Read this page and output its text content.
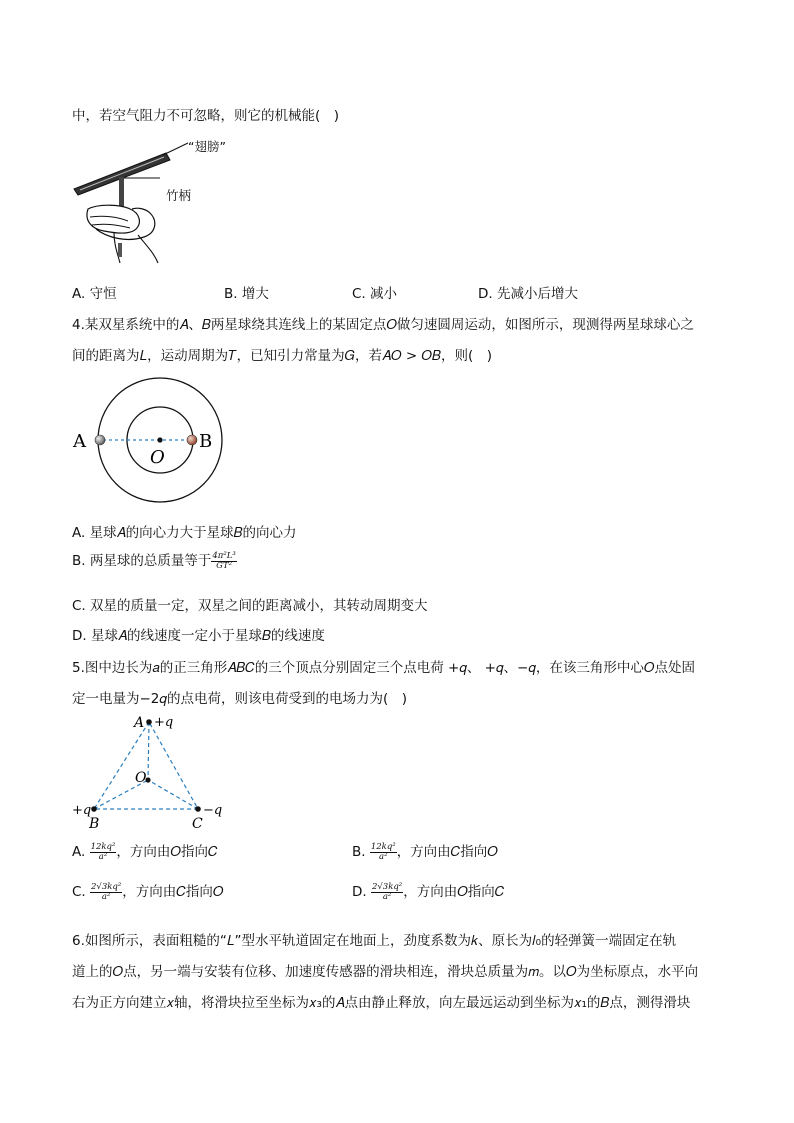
中，若空气阻力不可忽略，则它的机械能(　)
“翅膀”
竹柄
A. 守恒	B. 增大	C. 减小	D. 先减小后增大
4.某双星系统中的𝐴、𝐵两星球绕其连线上的某固定点𝑂做匀速圆周运动，如图所示，现测得两星球球心之
间的距离为𝐿，运动周期为𝑇，已知引力常量为𝐺，若𝐴𝑂 > 𝑂𝐵，则(　)
A	B
O
A. 星球𝐴的向心力大于星球𝐵的向心力
B. 两星球的总质量等于 $\frac{\text{4π²L³}}{\text{GT²}}$
C. 双星的质量一定，双星之间的距离减小，其转动周期变大
D. 星球𝐴的线速度一定小于星球𝐵的线速度
5.图中边长为𝑎的正三角形𝐴𝐵𝐶的三个顶点分别固定三个点电荷 +𝑞、 +𝑞、−𝑞，在该三角形中心𝑂点处固
定一电量为−2𝑞的点电荷，则该电荷受到的电场力为(　)
A +q
+q
B
−q
C
O
A. $\frac{\text{12kq²}}{\text{a²}}$ ，方向由𝑂指向𝐶	B. $\frac{\text{12kq²}}{\text{a²}}$ ，方向由𝐶指向𝑂
C. $\frac{\text{2√3kq²}}{\text{a²}}$ ，方向由𝐶指向𝑂	D. $\frac{\text{2√3kq²}}{\text{a²}}$ ，方向由𝑂指向𝐶
6.如图所示，表面粗糙的“𝐿”型水平轨道固定在地面上，劲度系数为𝑘、原长为𝑙₀的轻弹簧一端固定在轨
道上的𝑂点，另一端与安装有位移、加速度传感器的滑块相连，滑块总质量为𝑚。以𝑂为坐标原点，水平向
右为正方向建立𝑥轴，将滑块拉至坐标为𝑥₃的𝐴点由静止释放，向左最远运动到坐标为𝑥₁的𝐵点，测得滑块
